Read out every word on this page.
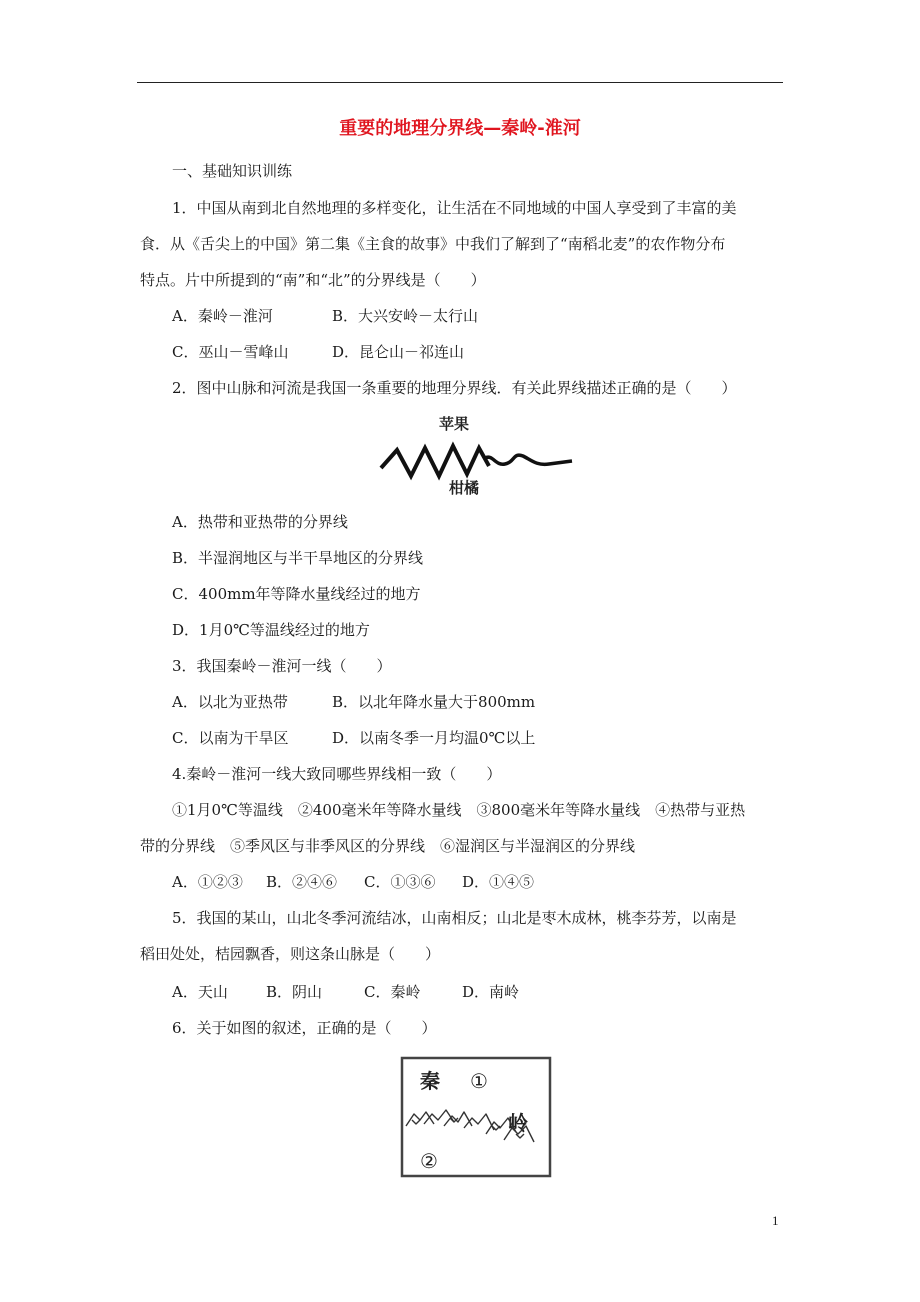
重要的地理分界线—秦岭-淮河
一、基础知识训练
1．中国从南到北自然地理的多样变化，让生活在不同地域的中国人享受到了丰富的美
食．从《舌尖上的中国》第二集《主食的故事》中我们了解到了“南稻北麦”的农作物分布
特点。片中所提到的“南”和“北”的分界线是（　　）
A．秦岭－淮河	B．大兴安岭－太行山
C．巫山－雪峰山	D．昆仑山－祁连山
2．图中山脉和河流是我国一条重要的地理分界线．有关此界线描述正确的是（　　）
苹果
柑橘
A．热带和亚热带的分界线
B．半湿润地区与半干旱地区的分界线
C．400mm年等降水量线经过的地方
D．1月0℃等温线经过的地方
3．我国秦岭－淮河一线（　　）
A．以北为亚热带	B．以北年降水量大于800mm
C．以南为干旱区	D．以南冬季一月均温0℃以上
4.秦岭－淮河一线大致同哪些界线相一致（　　）
①1月0℃等温线　②400毫米年等降水量线　③800毫米年等降水量线　④热带与亚热
带的分界线　⑤季风区与非季风区的分界线　⑥湿润区与半湿润区的分界线
A．①②③ B．②④⑥ C．①③⑥ D．①④⑤
5．我国的某山，山北冬季河流结冰，山南相反；山北是枣木成林，桃李芬芳，以南是
稻田处处，桔园飘香，则这条山脉是（　　）
A．天山	B．阴山	C．秦岭	D．南岭
6．关于如图的叙述，正确的是（　　）
秦 ①
岭
②
1
